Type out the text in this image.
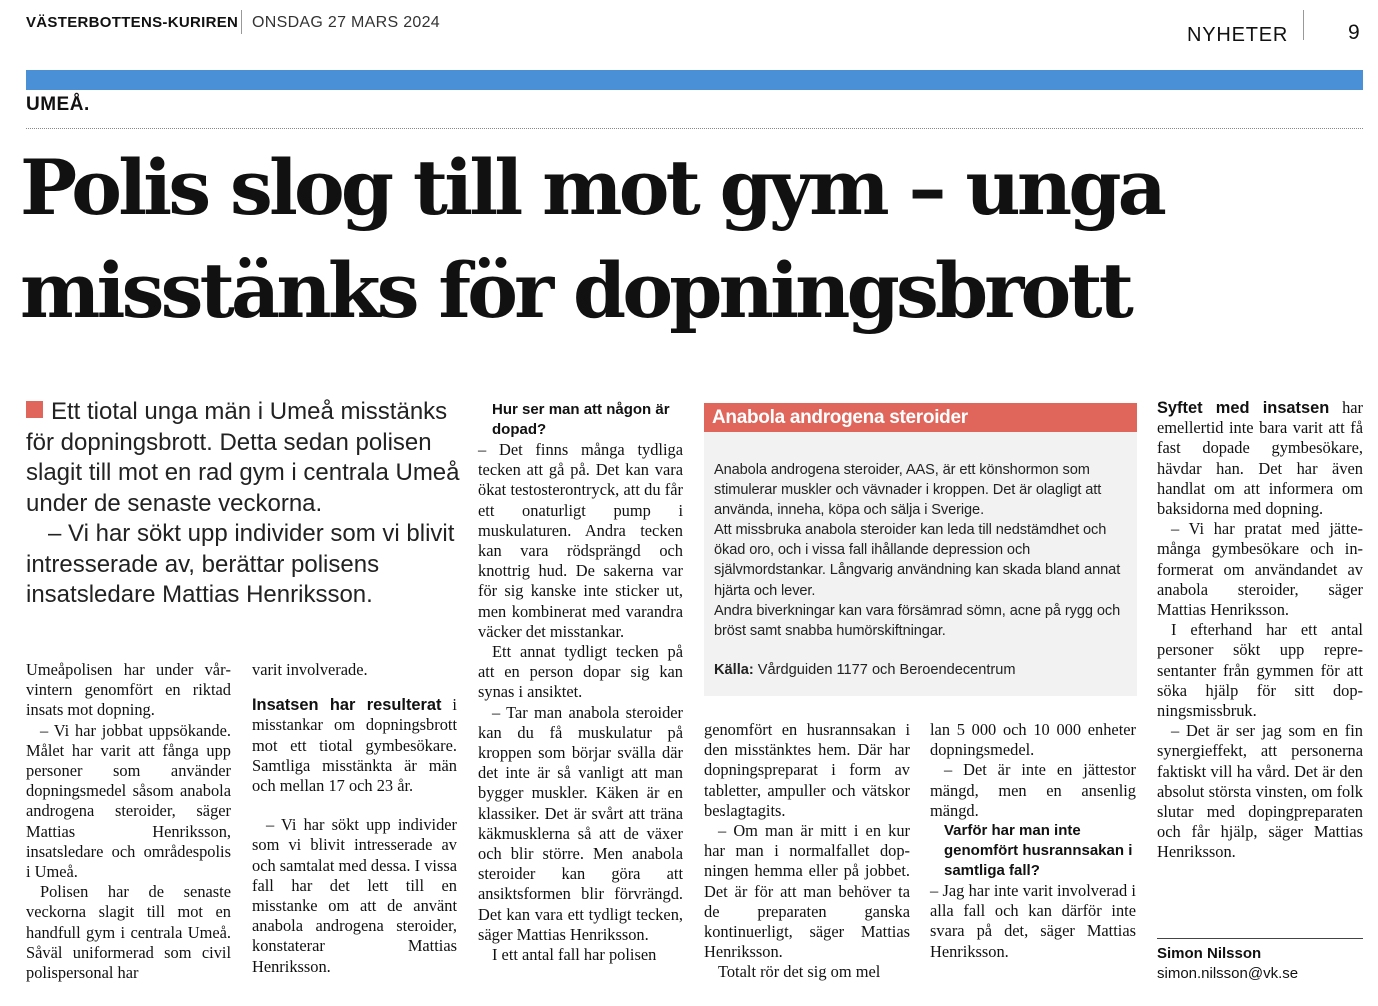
VÄSTERBOTTENS-KURIREN ONSDAG 27 MARS 2024
NYHETER	9
UMEÅ.
Polis slog till mot gym – unga
misstänks för dopningsbrott

Ett tiotal unga män i Umeå misstänks för dopningsbrott. Detta sedan polisen slagit till mot en rad gym i centrala Umeå under de senaste veckorna.

– Vi har sökt upp individer som vi blivit intresserade av, berättar polisens insatsledare Mattias Henriksson.

Umeåpolisen har under vårvintern genomfört en riktad insats mot dopning.

– Vi har jobbat uppsökande. Målet har varit att fånga upp personer som använder dopningsmedel såsom anabola androgena steroider, säger Mattias Henriksson, insatsledare och områdespolis i Umeå.

Polisen har de senaste veckorna slagit till mot en handfull gym i centrala Umeå. Såväl uniformerad som civil polispersonal har

varit involverade.

Insatsen har resulterat i misstankar om dopningsbrott mot ett tiotal gymbesökare. Samtliga misstänkta är män och mellan 17 och 23 år.

– Vi har sökt upp individer som vi blivit intresserade av och samtalat med dessa. I vissa fall har det lett till en misstanke om att de använt anabola androgena steroider, konstaterar Mattias Henriksson.

Hur ser man att någon är dopad?

– Det finns många tydliga tecken att gå på. Det kan vara ökat testosterontryck, att du får ett onaturligt pump i muskulaturen. Andra tecken kan vara rödsprängd och knottrig hud. De sakerna var för sig kanske inte sticker ut, men kombinerat med varandra väcker det misstankar.

Ett annat tydligt tecken på att en person dopar sig kan synas i ansiktet.

– Tar man anabola steroider kan du få muskulatur på kroppen som börjar svälla där det inte är så vanligt att man bygger muskler. Käken är en klassiker. Det är svårt att träna käkmusklerna så att de växer och blir större. Men anabola steroider kan göra att ansiktsformen blir förvrängd. Det kan vara ett tydligt tecken, säger Mattias Henriksson.

I ett antal fall har polisen

Anabola androgena steroider

Anabola androgena steroider, AAS, är ett könshormon som stimulerar muskler och vävnader i kroppen. Det är olagligt att använda, inneha, köpa och sälja i Sverige.

Att missbruka anabola steroider kan leda till nedstämdhet och ökad oro, och i vissa fall ihållande depression och självmordstankar. Långvarig användning kan skada bland annat hjärta och lever.

Andra biverkningar kan vara försämrad sömn, acne på rygg och bröst samt snabba humörskiftningar.

Källa: Vårdguiden 1177 och Beroendecentrum

genomfört en husrannsakan i den misstänktes hem. Där har dopningspreparat i form av tabletter, ampuller och vätskor beslagtagits.

– Om man är mitt i en kur har man i normalfallet dopningen hemma eller på jobbet. Det är för att man behöver ta de preparaten ganska kontinuerligt, säger Mattias Henriksson.

Totalt rör det sig om mel

lan 5 000 och 10 000 enheter dopningsmedel.

– Det är inte en jättestor mängd, men en ansenlig mängd.

Varför har man inte genomfört husrannsakan i samtliga fall?

– Jag har inte varit involverad i alla fall och kan därför inte svara på det, säger Mattias Henriksson.

Syftet med insatsen har emellertid inte bara varit att få fast dopade gymbesökare, hävdar han. Det har även handlat om att informera om baksidorna med dopning.

– Vi har pratat med jättemånga gymbesökare och informerat om användandet av anabola steroider, säger Mattias Henriksson.

I efterhand har ett antal personer sökt upp representanter från gymmen för att söka hjälp för sitt dopningsmissbruk.

– Det är ser jag som en fin synergieffekt, att personerna faktiskt vill ha vård. Det är den absolut största vinsten, om folk slutar med dopingpreparaten och får hjälp, säger Mattias Henriksson.

Simon Nilsson
simon.nilsson@vk.se
